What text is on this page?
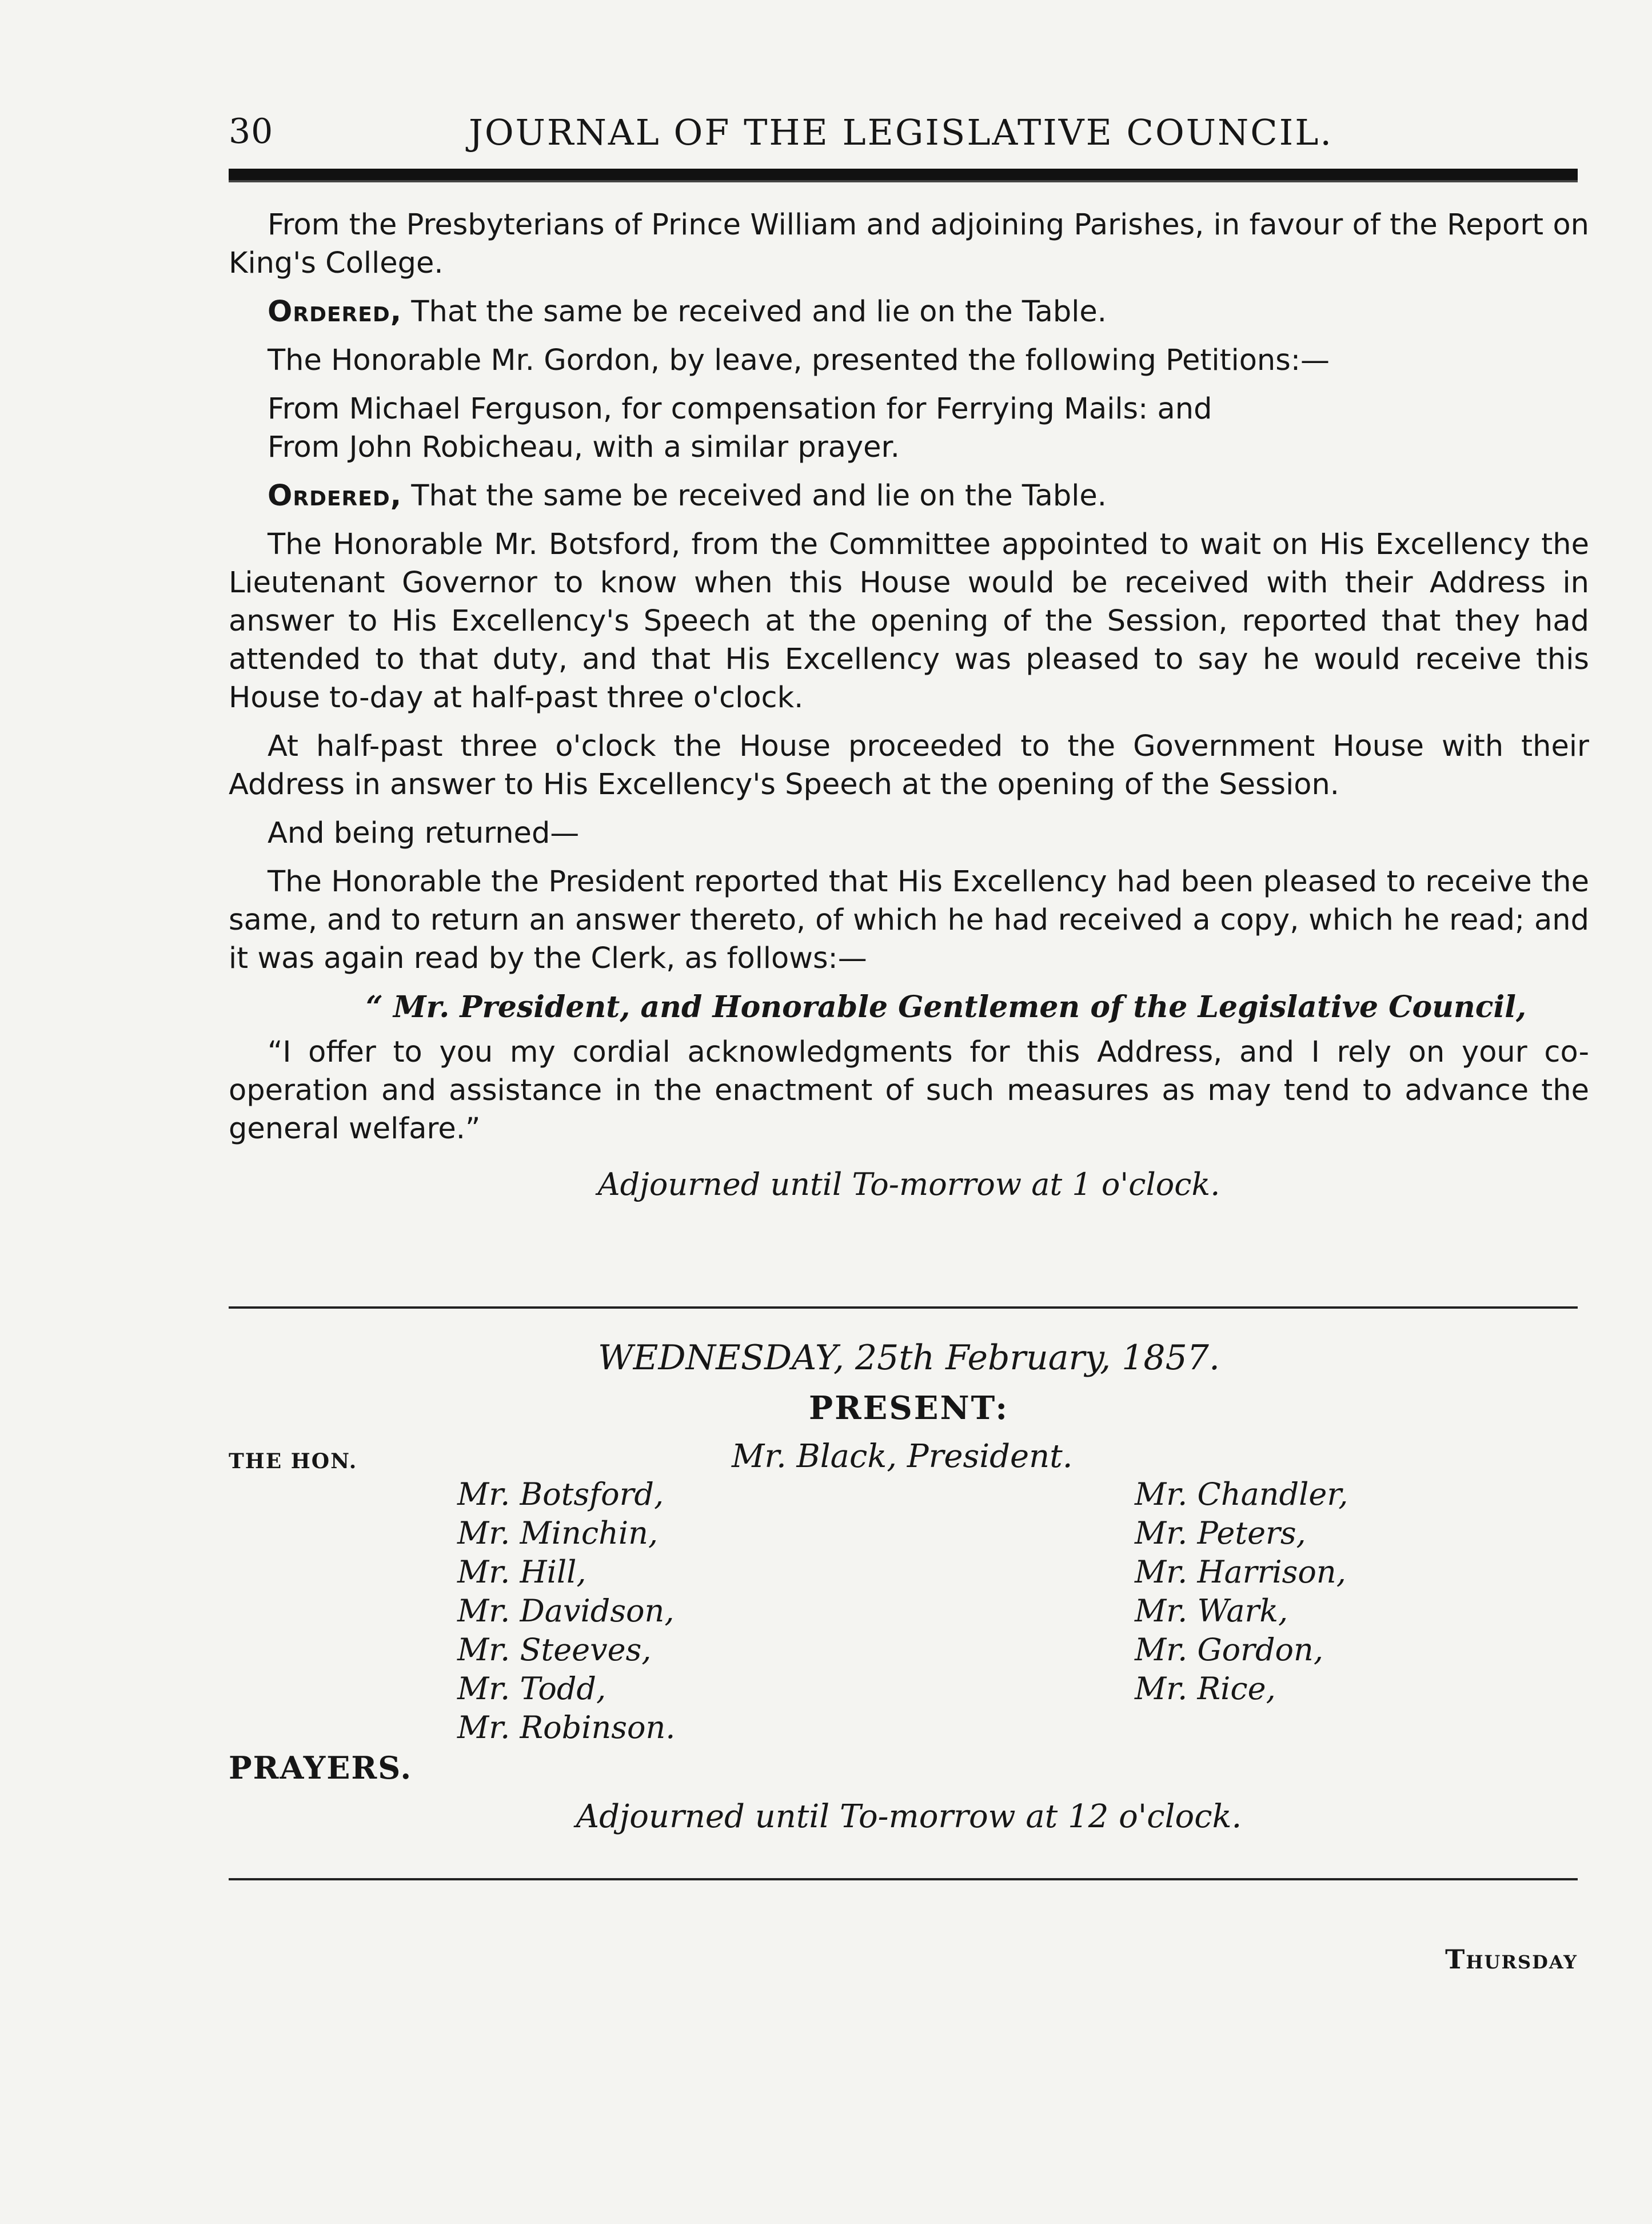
30	JOURNAL OF THE LEGISLATIVE COUNCIL.

From the Presbyterians of Prince William and adjoining Parishes, in favour of the Report on King's College.

Ordered, That the same be received and lie on the Table.

The Honorable Mr. Gordon, by leave, presented the following Petitions:—

From Michael Ferguson, for compensation for Ferrying Mails: and

From John Robicheau, with a similar prayer.

Ordered, That the same be received and lie on the Table.

The Honorable Mr. Botsford, from the Committee appointed to wait on His Excellency the Lieutenant Governor to know when this House would be received with their Address in answer to His Excellency's Speech at the opening of the Session, reported that they had attended to that duty, and that His Excellency was pleased to say he would receive this House to-day at half-past three o'clock.

At half-past three o'clock the House proceeded to the Government House with their Address in answer to His Excellency's Speech at the opening of the Session.

And being returned—

The Honorable the President reported that His Excellency had been pleased to receive the same, and to return an answer thereto, of which he had received a copy, which he read; and it was again read by the Clerk, as follows:—

“ Mr. President, and Honorable Gentlemen of the Legislative Council,

“I offer to you my cordial acknowledgments for this Address, and I rely on your co-operation and assistance in the enactment of such measures as may tend to advance the general welfare.”

Adjourned until To-morrow at 1 o'clock.

WEDNESDAY, 25th February, 1857.
PRESENT:
THE HON.	Mr. Black, President.
Mr. Botsford,
Mr. Minchin,
Mr. Hill,
Mr. Davidson,
Mr. Steeves,
Mr. Todd,
Mr. Robinson.
Mr. Chandler,
Mr. Peters,
Mr. Harrison,
Mr. Wark,
Mr. Gordon,
Mr. Rice,
PRAYERS.
Adjourned until To-morrow at 12 o'clock.
Thursday
